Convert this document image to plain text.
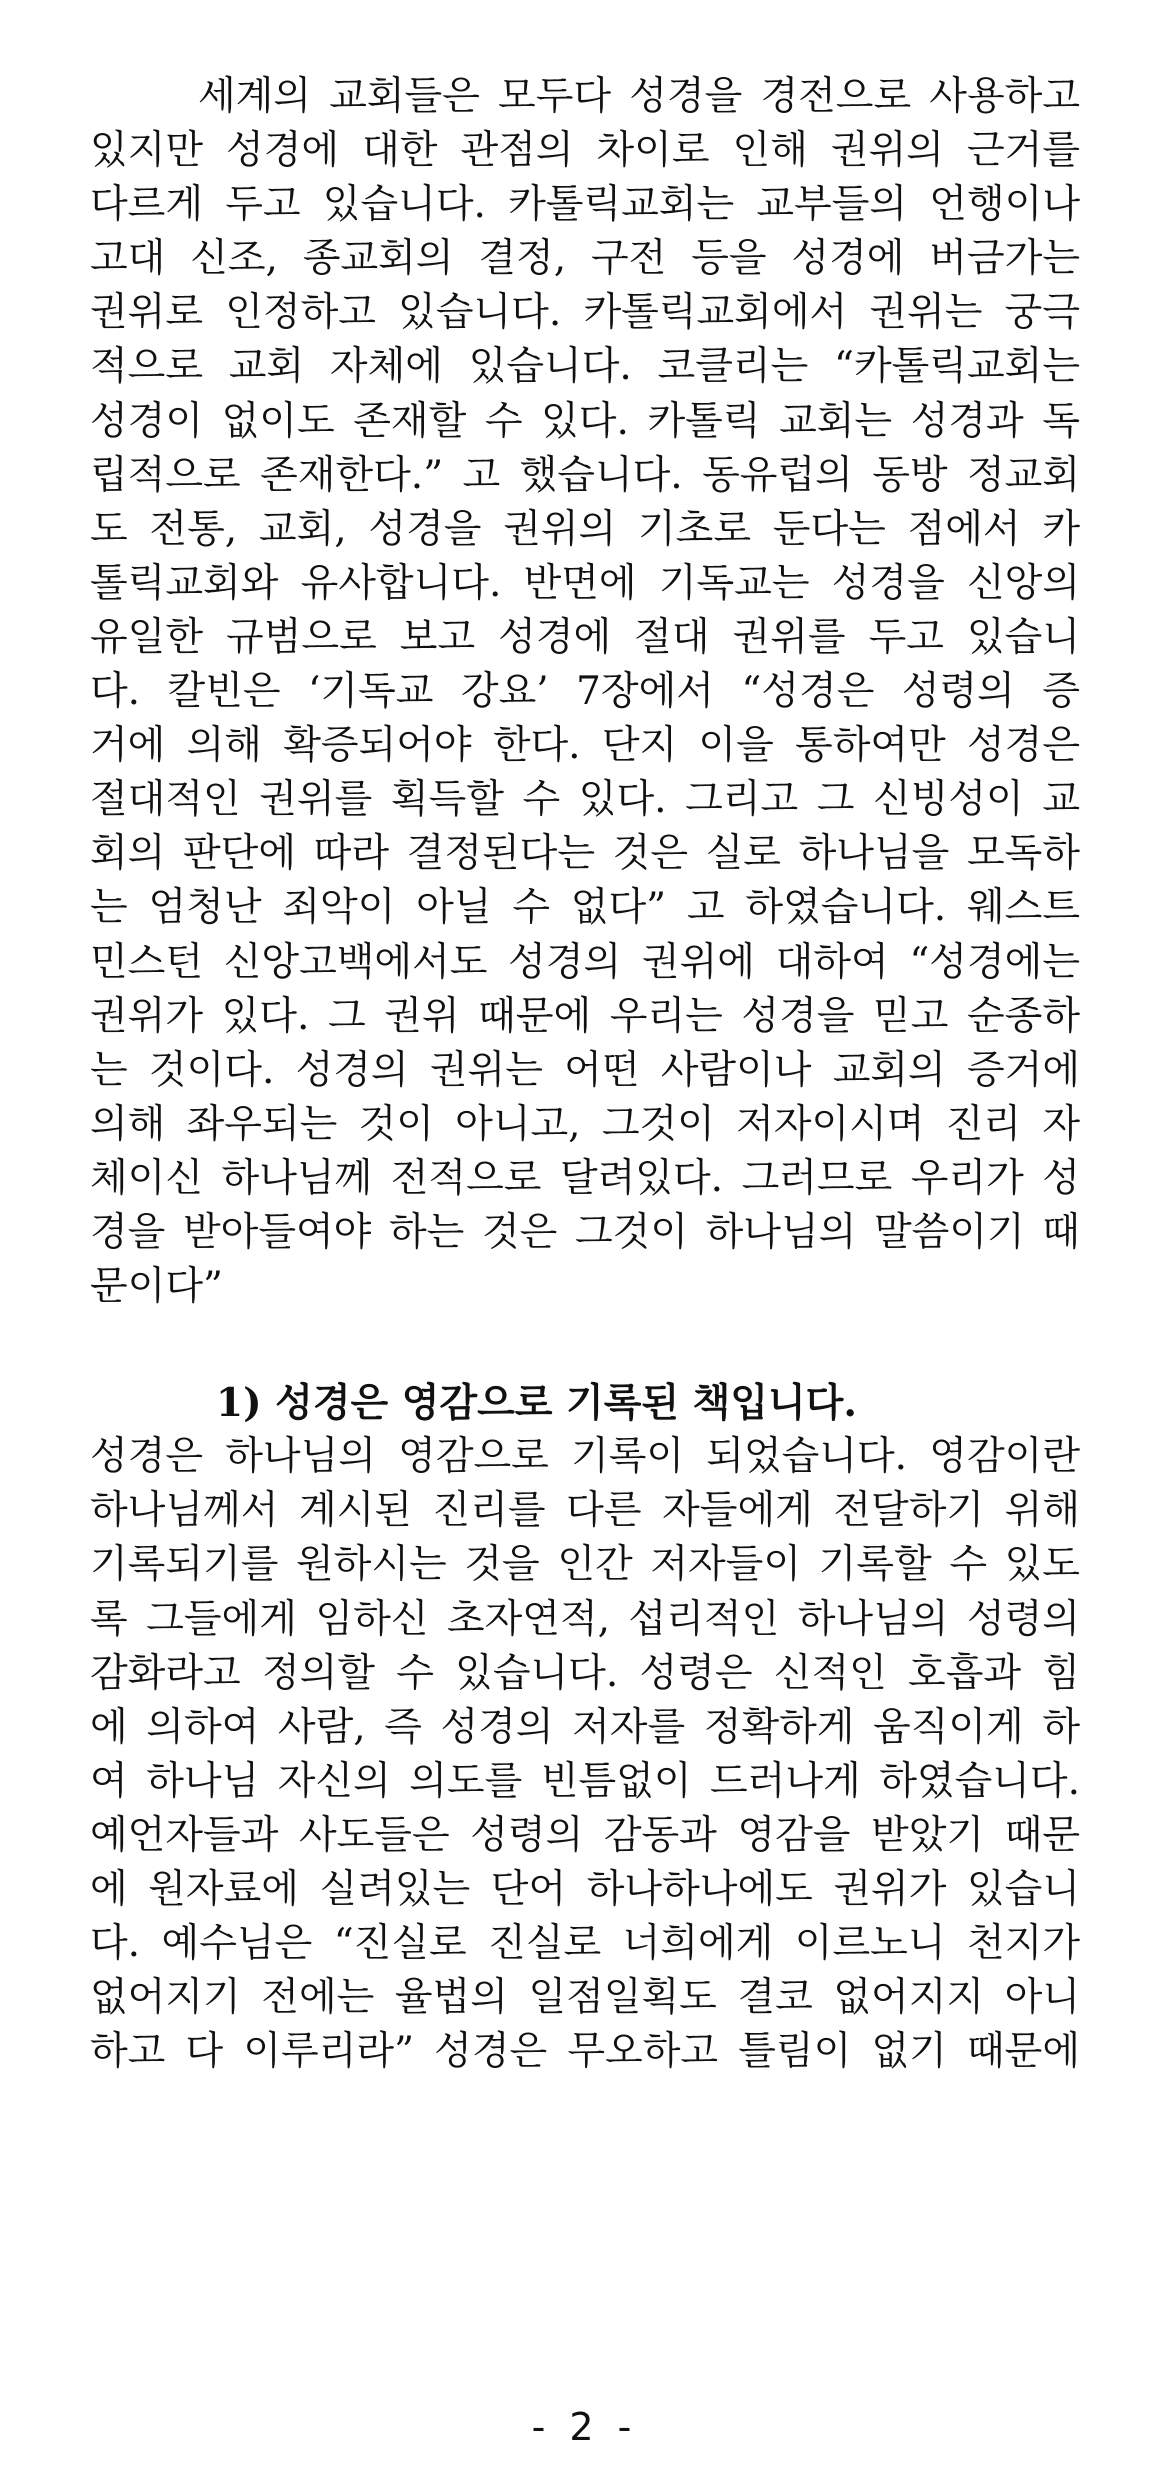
세계의 교회들은 모두다 성경을 경전으로 사용하고
있지만 성경에 대한 관점의 차이로 인해 권위의 근거를
다르게 두고 있습니다. 카톨릭교회는 교부들의 언행이나
고대 신조, 종교회의 결정, 구전 등을 성경에 버금가는
권위로 인정하고 있습니다. 카톨릭교회에서 권위는 궁극
적으로 교회 자체에 있습니다. 코클리는 “카톨릭교회는
성경이 없이도 존재할 수 있다. 카톨릭 교회는 성경과 독
립적으로 존재한다.” 고 했습니다. 동유럽의 동방 정교회
도 전통, 교회, 성경을 권위의 기초로 둔다는 점에서 카
톨릭교회와 유사합니다. 반면에 기독교는 성경을 신앙의
유일한 규범으로 보고 성경에 절대 권위를 두고 있습니
다. 칼빈은 ‘기독교 강요’ 7장에서 “성경은 성령의 증
거에 의해 확증되어야 한다. 단지 이을 통하여만 성경은
절대적인 권위를 획득할 수 있다. 그리고 그 신빙성이 교
회의 판단에 따라 결정된다는 것은 실로 하나님을 모독하
는 엄청난 죄악이 아닐 수 없다” 고 하였습니다. 웨스트
민스턴 신앙고백에서도 성경의 권위에 대하여 “성경에는
권위가 있다. 그 권위 때문에 우리는 성경을 믿고 순종하
는 것이다. 성경의 권위는 어떤 사람이나 교회의 증거에
의해 좌우되는 것이 아니고, 그것이 저자이시며 진리 자
체이신 하나님께 전적으로 달려있다. 그러므로 우리가 성
경을 받아들여야 하는 것은 그것이 하나님의 말씀이기 때
문이다”
1) 성경은 영감으로 기록된 책입니다.
성경은 하나님의 영감으로 기록이 되었습니다. 영감이란
하나님께서 계시된 진리를 다른 자들에게 전달하기 위해
기록되기를 원하시는 것을 인간 저자들이 기록할 수 있도
록 그들에게 임하신 초자연적, 섭리적인 하나님의 성령의
감화라고 정의할 수 있습니다. 성령은 신적인 호흡과 힘
에 의하여 사람, 즉 성경의 저자를 정확하게 움직이게 하
여 하나님 자신의 의도를 빈틈없이 드러나게 하였습니다.
예언자들과 사도들은 성령의 감동과 영감을 받았기 때문
에 원자료에 실려있는 단어 하나하나에도 권위가 있습니
다. 예수님은 “진실로 진실로 너희에게 이르노니 천지가
없어지기 전에는 율법의 일점일획도 결코 없어지지 아니
하고 다 이루리라” 성경은 무오하고 틀림이 없기 때문에
- 2 -
